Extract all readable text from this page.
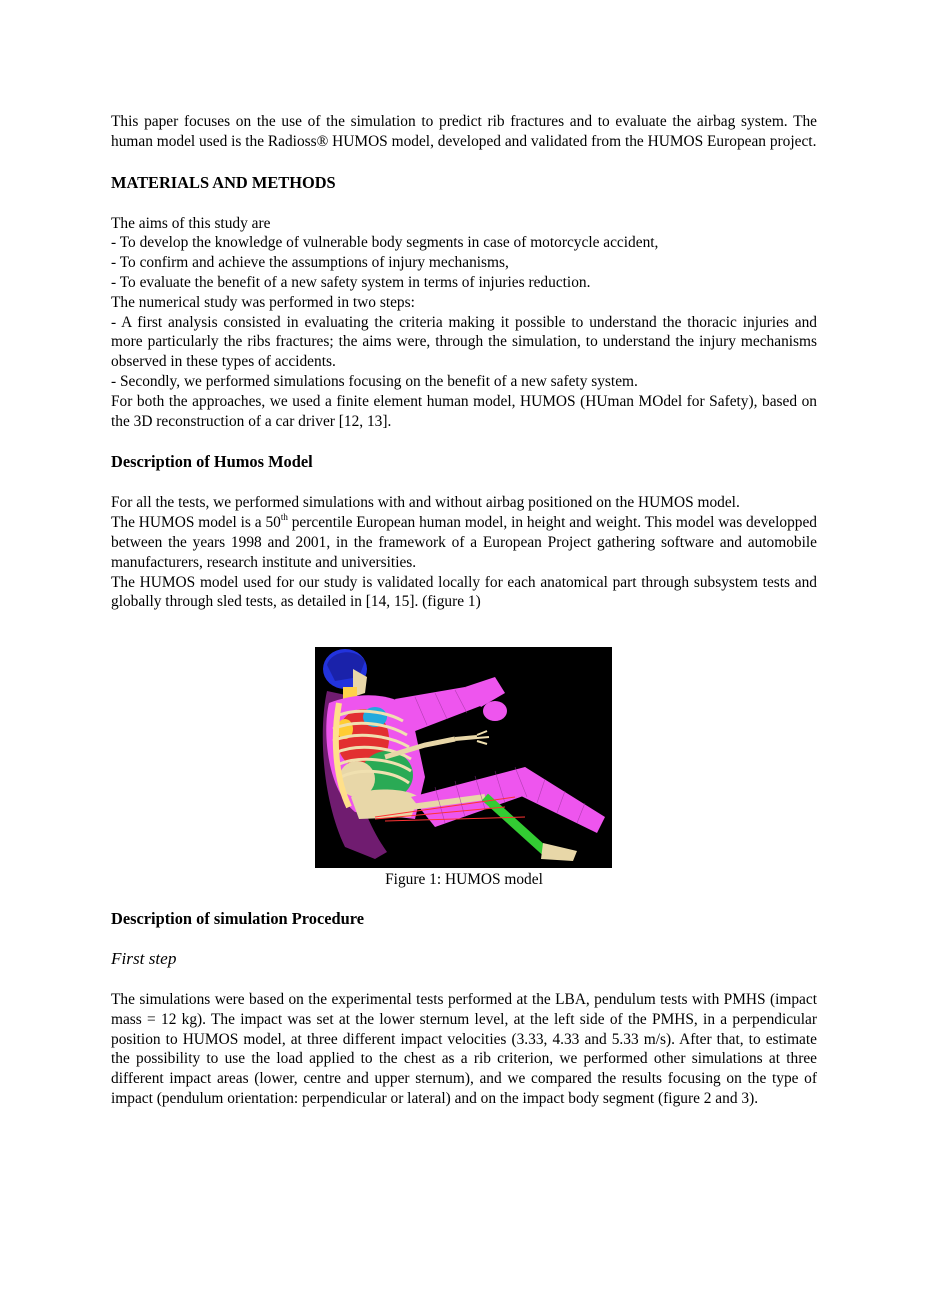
This paper focuses on the use of the simulation to predict rib fractures and to evaluate the airbag system. The human model used is the Radioss® HUMOS model, developed and validated from the HUMOS European project.

MATERIALS AND METHODS

The aims of this study are

- To develop the knowledge of vulnerable body segments in case of motorcycle accident,

- To confirm and achieve the assumptions of injury mechanisms,

- To evaluate the benefit of a new safety system in terms of injuries reduction.

The numerical study was performed in two steps:

- A first analysis consisted in evaluating the criteria making it possible to understand the thoracic injuries and more particularly the ribs fractures; the aims were, through the simulation, to understand the injury mechanisms observed in these types of accidents.

- Secondly, we performed simulations focusing on the benefit of a new safety system.

For both the approaches, we used a finite element human model, HUMOS (HUman MOdel for Safety), based on the 3D reconstruction of a car driver [12, 13].

Description of Humos Model

For all the tests, we performed simulations with and without airbag positioned on the HUMOS model.

The HUMOS model is a 50th percentile European human model, in height and weight. This model was developped between the years 1998 and 2001, in the framework of a European Project gathering software and automobile manufacturers, research institute and universities.

The HUMOS model used for our study is validated locally for each anatomical part through subsystem tests and globally through sled tests, as detailed in [14, 15]. (figure 1)

Figure 1: HUMOS model
Description of simulation Procedure
First step

The simulations were based on the experimental tests performed at the LBA, pendulum tests with PMHS (impact mass = 12 kg). The impact was set at the lower sternum level, at the left side of the PMHS, in a perpendicular position to HUMOS model, at three different impact velocities (3.33, 4.33 and 5.33 m/s). After that, to estimate the possibility to use the load applied to the chest as a rib criterion, we performed other simulations at three different impact areas (lower, centre and upper sternum), and we compared the results focusing on the type of impact (pendulum orientation: perpendicular or lateral) and on the impact body segment (figure 2 and 3).
